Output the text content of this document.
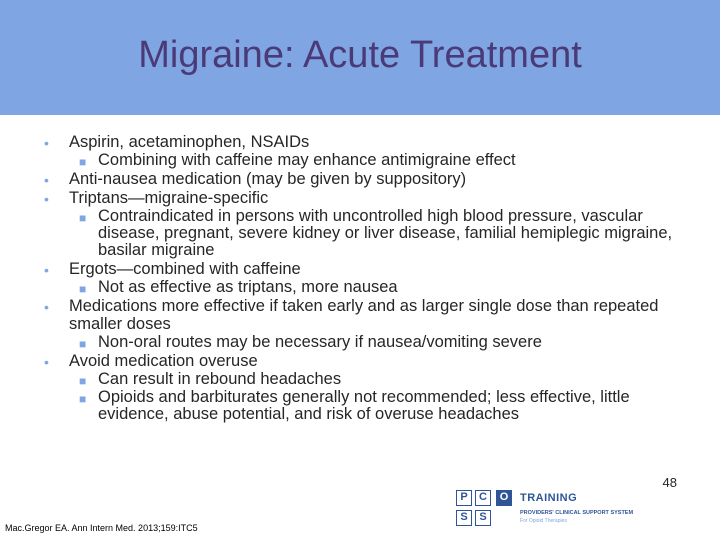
Migraine: Acute Treatment
• Aspirin, acetaminophen, NSAIDs
■ Combining with caffeine may enhance antimigraine effect
• Anti-nausea medication (may be given by suppository)
• Triptans—migraine-specific
■ Contraindicated in persons with uncontrolled high blood pressure, vascular disease, pregnant, severe kidney or liver disease, familial hemiplegic migraine, basilar migraine
• Ergots—combined with caffeine
■ Not as effective as triptans, more nausea
• Medications more effective if taken early and as larger single dose than repeated smaller doses
■ Non-oral routes may be necessary if nausea/vomiting severe
• Avoid medication overuse
■ Can result in rebound headaches
■ Opioids and barbiturates generally not recommended; less effective, little evidence, abuse potential, and risk of overuse headaches
P	C	O
S	S
TRAINING
PROVIDERS' CLINICAL SUPPORT SYSTEM
For Opioid Therapies
48
Mac.Gregor EA. Ann Intern Med. 2013;159:ITC5
